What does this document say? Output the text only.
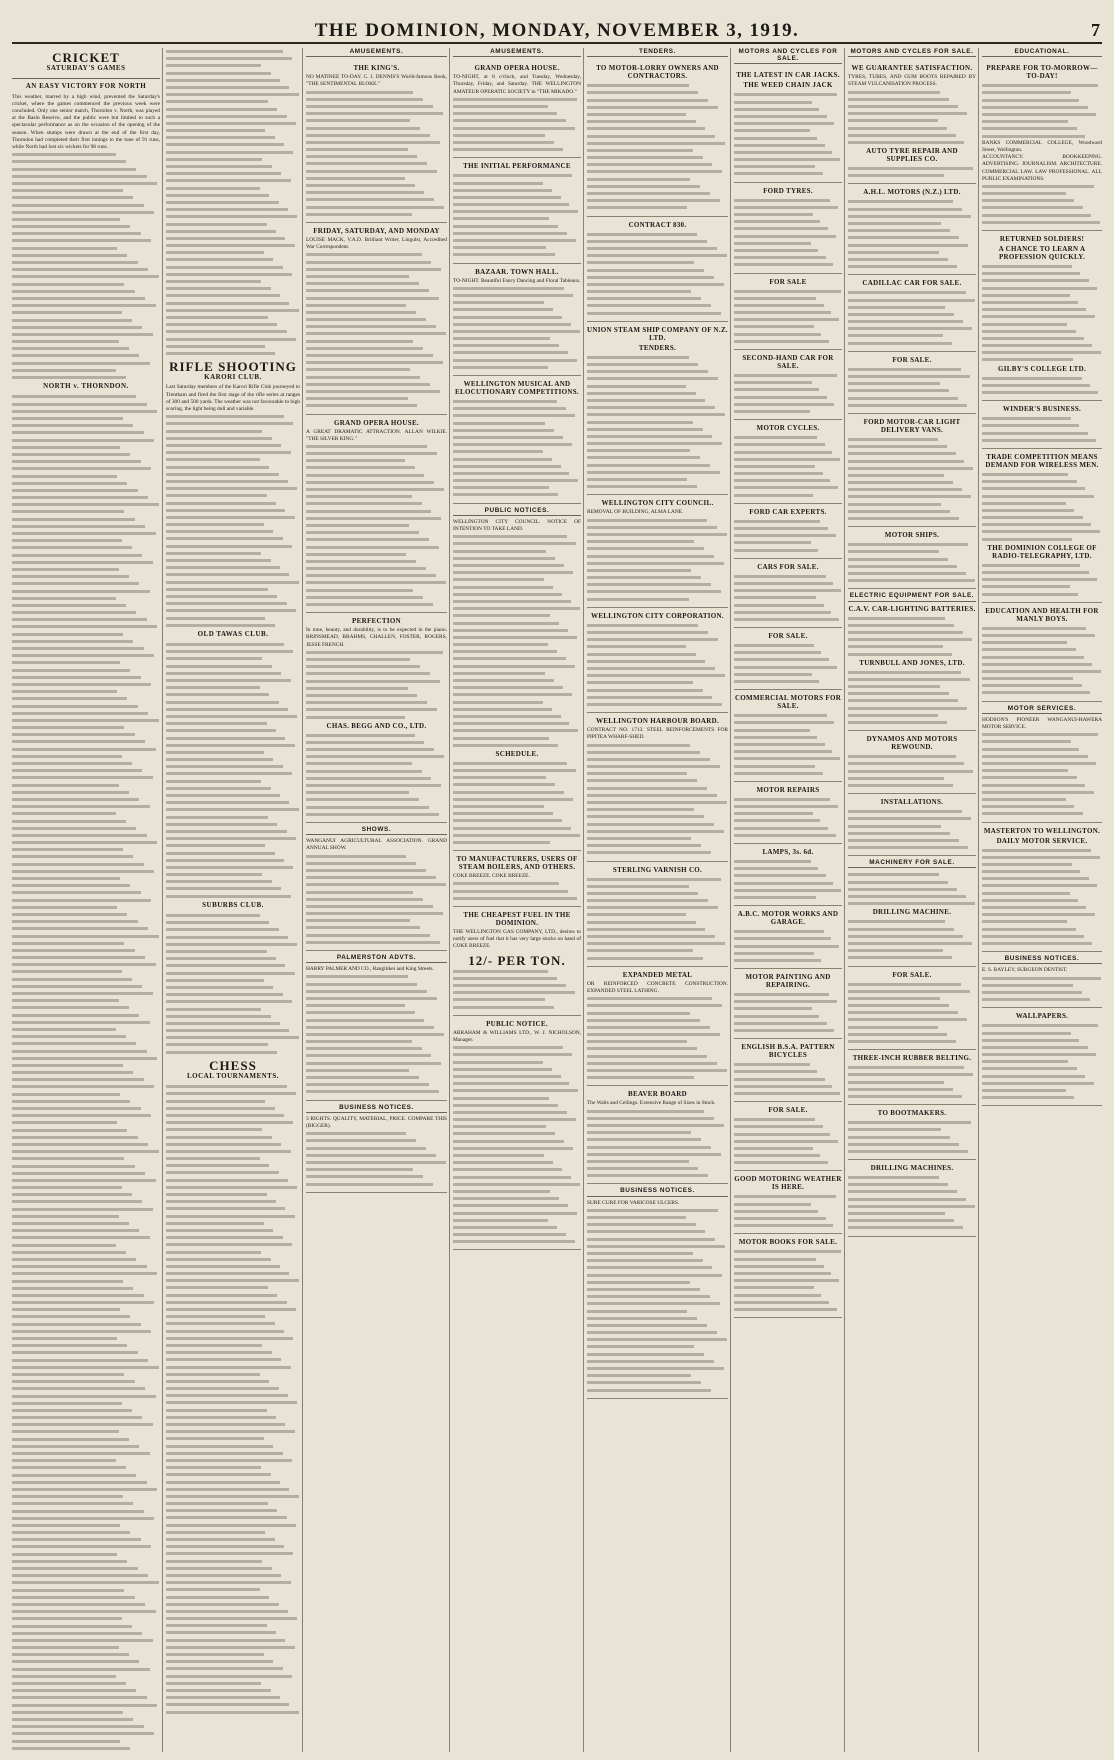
THE DOMINION, MONDAY, NOVEMBER 3, 1919.	7
CRICKET
SATURDAY'S GAMES
AN EASY VICTORY FOR NORTH
This weather, marred by a high wind, prevented the Saturday's cricket, where the games commenced the previous week were concluded. Only one senior match, Thorndon v. North, was played at the Basin Reserve, and the public were but limited to such a spectacular performance as on the occasion of the opening of the season. When stumps were drawn at the end of the first day, Thorndon had completed their first innings to the tune of 91 runs, while North had lost six wickets for 98 runs.
NORTH v. THORNDON.
RIFLE SHOOTING
KARORI CLUB.
Last Saturday members of the Karori Rifle Club journeyed to Trentham and fired the first stage of the rifle series at ranges of 300 and 500 yards. The weather was not favourable to high scoring, the light being dull and variable.
OLD TAWAS CLUB.
SUBURBS CLUB.
CHESS
LOCAL TOURNAMENTS.
AMUSEMENTS.
THE KING'S.
NO MATINEE TO-DAY. C. J. DENNIS'S World-famous Book, "THE SENTIMENTAL BLOKE."
FRIDAY, SATURDAY, AND MONDAY
LOUISE MACK, V.A.D. Brilliant Writer, Lingulst, Accredited War Correspondent.
GRAND OPERA HOUSE.
A GREAT DRAMATIC ATTRACTION. ALLAN WILKIE. "THE SILVER KING."
PERFECTION
In tone, beauty, and durability, is to be expected in the piano. BRINSMEAD, BRAHMS, CHALLEN, FOSTER, ROGERS, JESSE FRENCH.
CHAS. BEGG AND CO., LTD.
SHOWS.
WANGANUI AGRICULTURAL ASSOCIATION. GRAND ANNUAL SHOW.
PALMERSTON ADVTS.
HARRY PALMER AND CO., Rangitikei and King Streets.
BUSINESS NOTICES.
3 RIGHTS. QUALITY, MATERIAL, PRICE. COMPARE THIS (BIGGER).
AMUSEMENTS.
GRAND OPERA HOUSE.
TO-NIGHT, at 8 o'clock, and Tuesday, Wednesday, Thursday, Friday, and Saturday. THE WELLINGTON AMATEUR OPERATIC SOCIETY in "THE MIKADO."
THE INITIAL PERFORMANCE
BAZAAR. TOWN HALL.
TO-NIGHT. Beautiful Fancy Dancing and Floral Tableaux.
WELLINGTON MUSICAL AND ELOCUTIONARY COMPETITIONS.
PUBLIC NOTICES.
WELLINGTON CITY COUNCIL. NOTICE OF INTENTION TO TAKE LAND.
SCHEDULE.
TO MANUFACTURERS, USERS OF STEAM BOILERS, AND OTHERS.
COKE BREEZE. COKE BREEZE.
THE CHEAPEST FUEL IN THE DOMINION.
THE WELLINGTON GAS COMPANY, LTD., desires to notify users of fuel that it has very large stocks on hand of COKE BREEZE.
12/- PER TON.
PUBLIC NOTICE.
ABRAHAM & WILLIAMS LTD., W. J. NICHOLSON, Manager.
TENDERS.
TO MOTOR-LORRY OWNERS AND CONTRACTORS.
CONTRACT 830.
UNION STEAM SHIP COMPANY OF N.Z. LTD.
TENDERS.
WELLINGTON CITY COUNCIL.
REMOVAL OF BUILDING, ALMA LANE.
WELLINGTON CITY CORPORATION.
WELLINGTON HARBOUR BOARD.
CONTRACT NO. 1713. STEEL REINFORCEMENTS FOR PIPITEA WHARF-SHED.
STERLING VARNISH CO.
EXPANDED METAL
OR REINFORCED CONCRETE CONSTRUCTION. EXPANDED STEEL LATHING.
BEAVER BOARD
The Walls and Ceilings. Extensive Range of Sizes in Stock.
BUSINESS NOTICES.
SURE CURE FOR VARICOSE ULCERS.
MOTORS AND CYCLES FOR SALE.
THE LATEST IN CAR JACKS.
THE WEED CHAIN JACK
FORD TYRES.
FOR SALE
SECOND-HAND CAR FOR SALE.
MOTOR CYCLES.
FORD CAR EXPERTS.
CARS FOR SALE.
FOR SALE.
COMMERCIAL MOTORS FOR SALE.
MOTOR REPAIRS
LAMPS, 3s. 6d.
A.B.C. MOTOR WORKS AND GARAGE.
MOTOR PAINTING AND REPAIRING.
ENGLISH B.S.A. PATTERN BICYCLES
FOR SALE.
GOOD MOTORING WEATHER IS HERE.
MOTOR BOOKS FOR SALE.
MOTORS AND CYCLES FOR SALE.
WE GUARANTEE SATISFACTION.
TYRES, TUBES, AND GUM BOOTS REPAIRED BY STEAM VULCANISATION PROCESS.
AUTO TYRE REPAIR AND SUPPLIES CO.
A.H.L. MOTORS (N.Z.) LTD.
CADILLAC CAR FOR SALE.
FOR SALE.
FORD MOTOR-CAR LIGHT DELIVERY VANS.
MOTOR SHIPS.
ELECTRIC EQUIPMENT FOR SALE.
C.A.V. CAR-LIGHTING BATTERIES.
TURNBULL AND JONES, LTD.
DYNAMOS AND MOTORS REWOUND.
INSTALLATIONS.
MACHINERY FOR SALE.
DRILLING MACHINE.
FOR SALE.
THREE-INCH RUBBER BELTING.
TO BOOTMAKERS.
DRILLING MACHINES.
EDUCATIONAL.
PREPARE FOR TO-MORROW—TO-DAY!
BANKS COMMERCIAL COLLEGE, Woodward Street, Wellington.
ACCOUNTANCY. BOOKKEEPING. ADVERTISING. JOURNALISM. ARCHITECTURE. COMMERCIAL LAW. LAW PROFESSIONAL. ALL PUBLIC EXAMINATIONS.
RETURNED SOLDIERS!
A CHANCE TO LEARN A PROFESSION QUICKLY.
GILBY'S COLLEGE LTD.
WINDER'S BUSINESS.
TRADE COMPETITION MEANS DEMAND FOR WIRELESS MEN.
THE DOMINION COLLEGE OF RADIO-TELEGRAPHY, LTD.
EDUCATION AND HEALTH FOR MANLY BOYS.
MOTOR SERVICES.
HODSON'S PIONEER WANGANUI-HAWERA MOTOR SERVICE.
MASTERTON TO WELLINGTON.
DAILY MOTOR SERVICE.
BUSINESS NOTICES.
E. S. BAYLEY, SURGEON DENTIST.
WALLPAPERS.
